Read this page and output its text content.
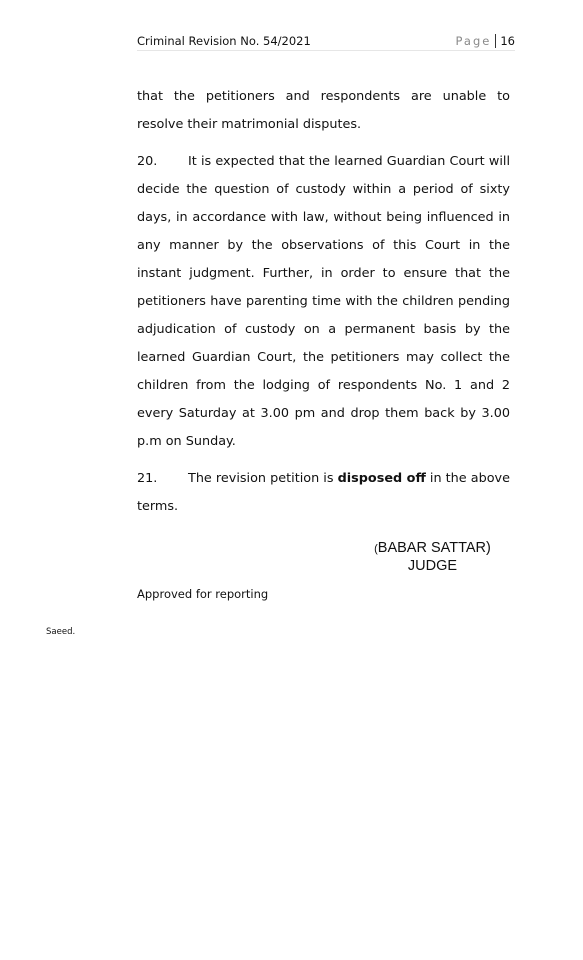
Criminal Revision No. 54/2021	Page 16

that the petitioners and respondents are unable to resolve their matrimonial disputes.

20. It is expected that the learned Guardian Court will decide the question of custody within a period of sixty days, in accordance with law, without being influenced in any manner by the observations of this Court in the instant judgment. Further, in order to ensure that the petitioners have parenting time with the children pending adjudication of custody on a permanent basis by the learned Guardian Court, the petitioners may collect the children from the lodging of respondents No. 1 and 2 every Saturday at 3.00 pm and drop them back by 3.00 p.m on Sunday.

21. The revision petition is disposed off in the above terms.

(BABAR SATTAR)
JUDGE
Approved for reporting
Saeed.
